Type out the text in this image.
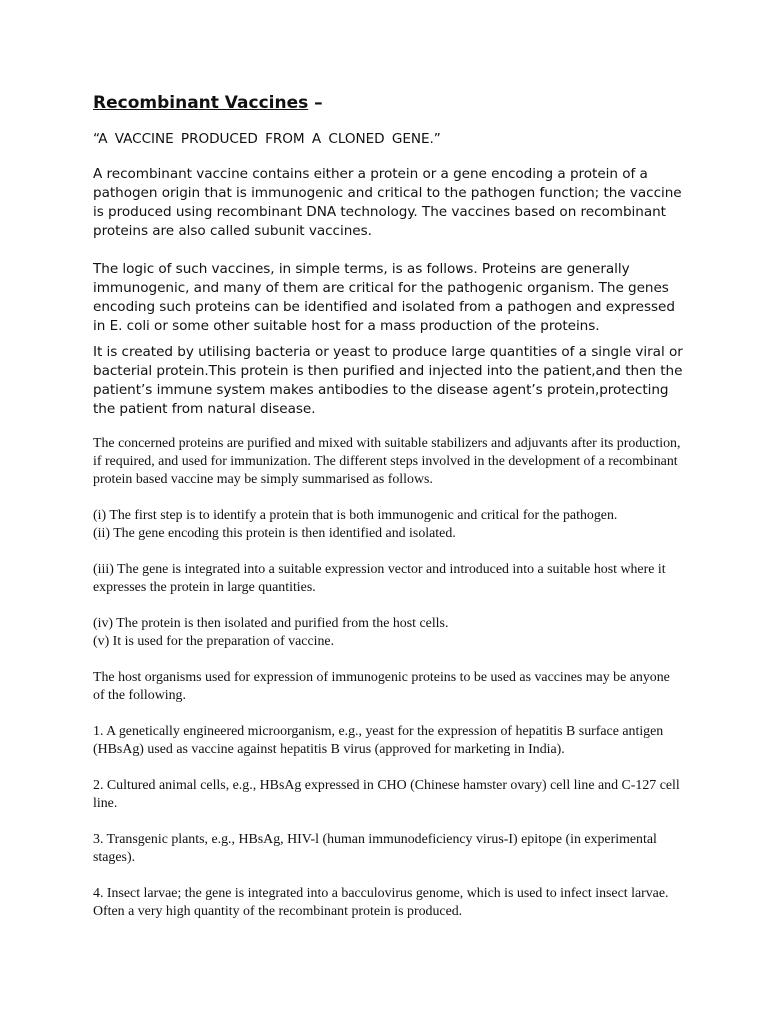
Recombinant Vaccines –

“A VACCINE PRODUCED FROM A CLONED GENE.”

A recombinant vaccine contains either a protein or a gene encoding a protein of a pathogen origin that is immunogenic and critical to the pathogen function; the vaccine is produced using recombinant DNA technology. The vaccines based on recombinant proteins are also called subunit vaccines.

The logic of such vaccines, in simple terms, is as follows. Proteins are generally immunogenic, and many of them are critical for the pathogenic organism. The genes encoding such proteins can be identified and isolated from a pathogen and expressed in E. coli or some other suitable host for a mass production of the proteins.

It is created by utilising bacteria or yeast to produce large quantities of a single viral or bacterial protein.This protein is then purified and injected into the patient,and then the patient’s immune system makes antibodies to the disease agent’s protein,protecting the patient from natural disease.

The concerned proteins are purified and mixed with suitable stabilizers and adjuvants after its production, if required, and used for immunization. The different steps involved in the development of a recombinant protein based vaccine may be simply summarised as follows.

(i) The first step is to identify a protein that is both immunogenic and critical for the pathogen.

(ii) The gene encoding this protein is then identified and isolated.

(iii) The gene is integrated into a suitable expression vector and introduced into a suitable host where it expresses the protein in large quantities.

(iv) The protein is then isolated and purified from the host cells.

(v) It is used for the preparation of vaccine.

The host organisms used for expression of immunogenic proteins to be used as vaccines may be anyone of the following.

1. A genetically engineered microorganism, e.g., yeast for the expression of hepatitis B surface antigen (HBsAg) used as vaccine against hepatitis B virus (approved for marketing in India).

2. Cultured animal cells, e.g., HBsAg expressed in CHO (Chinese hamster ovary) cell line and C-127 cell line.

3. Transgenic plants, e.g., HBsAg, HIV-l (human immunodeficiency virus-I) epitope (in experimental stages).

4. Insect larvae; the gene is integrated into a bacculovirus genome, which is used to infect insect larvae. Often a very high quantity of the recombinant protein is produced.
